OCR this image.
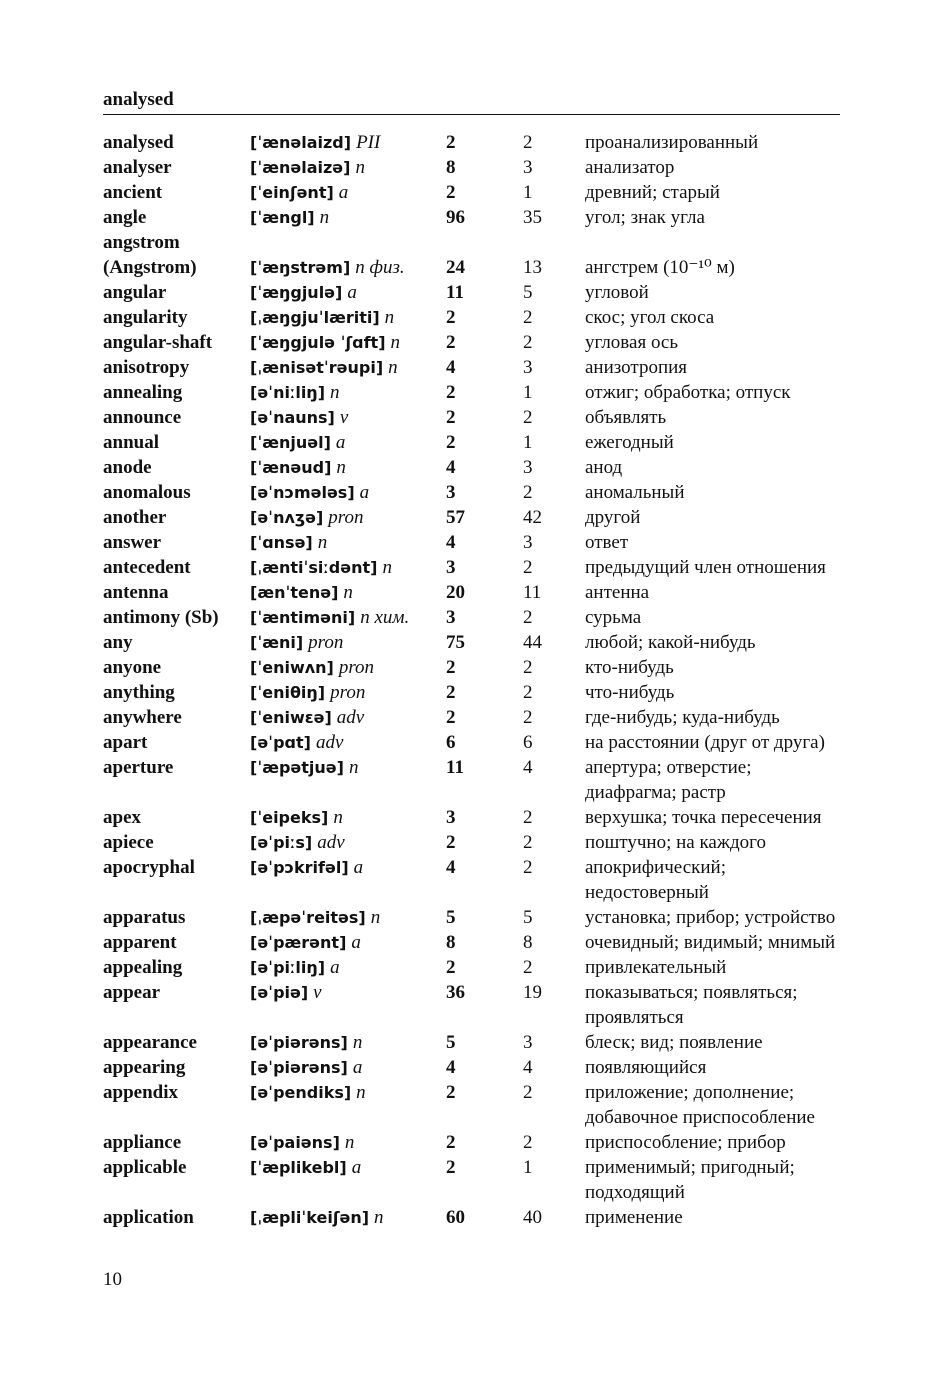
analysed
analysed	[ˈænəlaizd] PII	2	2	проанализированный
analyser	[ˈænəlaizə] n	8	3	анализатор
ancient	[ˈeinʃənt] a	2	1	древний; старый
angle	[ˈængl] n	96	35	угол; знак угла
angstrom
(Angstrom)	[ˈæŋstrəm] n физ.	24	13	ангстрем (10⁻¹⁰ м)
angular	[ˈæŋgjulə] a	11	5	угловой
angularity	[ˌæŋgjuˈlæriti] n	2	2	скос; угол скоса
angular-shaft	[ˈæŋgjulə ˈʃɑft] n	2	2	угловая ось
anisotropy	[ˌænisətˈrəupi] n	4	3	анизотропия
annealing	[əˈniːliŋ] n	2	1	отжиг; обработка; отпуск
announce	[əˈnauns] v	2	2	объявлять
annual	[ˈænjuəl] a	2	1	ежегодный
anode	[ˈænəud] n	4	3	анод
anomalous	[əˈnɔmələs] a	3	2	аномальный
another	[əˈnʌʒə] pron	57	42	другой
answer	[ˈɑnsə] n	4	3	ответ
antecedent	[ˌæntiˈsiːdənt] n	3	2	предыдущий член отношения
antenna	[ænˈtenə] n	20	11	антенна
antimony (Sb)	[ˈæntiməni] n хим.	3	2	сурьма
any	[ˈæni] pron	75	44	любой; какой-нибудь
anyone	[ˈeniwʌn] pron	2	2	кто-нибудь
anything	[ˈeniθiŋ] pron	2	2	что-нибудь
anywhere	[ˈeniwɛə] adv	2	2	где-нибудь; куда-нибудь
apart	[əˈpɑt] adv	6	6	на расстоянии (друг от друга)
aperture	[ˈæpətjuə] n	11	4	апертура; отверстие; диафрагма; растр
apex	[ˈeipeks] n	3	2	верхушка; точка пересечения
apiece	[əˈpiːs] adv	2	2	поштучно; на каждого
apocryphal	[əˈpɔkrifəl] a	4	2	апокрифический; недостоверный
apparatus	[ˌæpəˈreitəs] n	5	5	установка; прибор; устройство
apparent	[əˈpærənt] a	8	8	очевидный; видимый; мнимый
appealing	[əˈpiːliŋ] a	2	2	привлекательный
appear	[əˈpiə] v	36	19	показываться; появляться; проявляться
appearance	[əˈpiərəns] n	5	3	блеск; вид; появление
appearing	[əˈpiərəns] a	4	4	появляющийся
appendix	[əˈpendiks] n	2	2	приложение; дополнение; добавочное приспособление
appliance	[əˈpaiəns] n	2	2	приспособление; прибор
applicable	[ˈæplikebl] a	2	1	применимый; пригодный; подходящий
application	[ˌæpliˈkeiʃən] n	60	40	применение
10
